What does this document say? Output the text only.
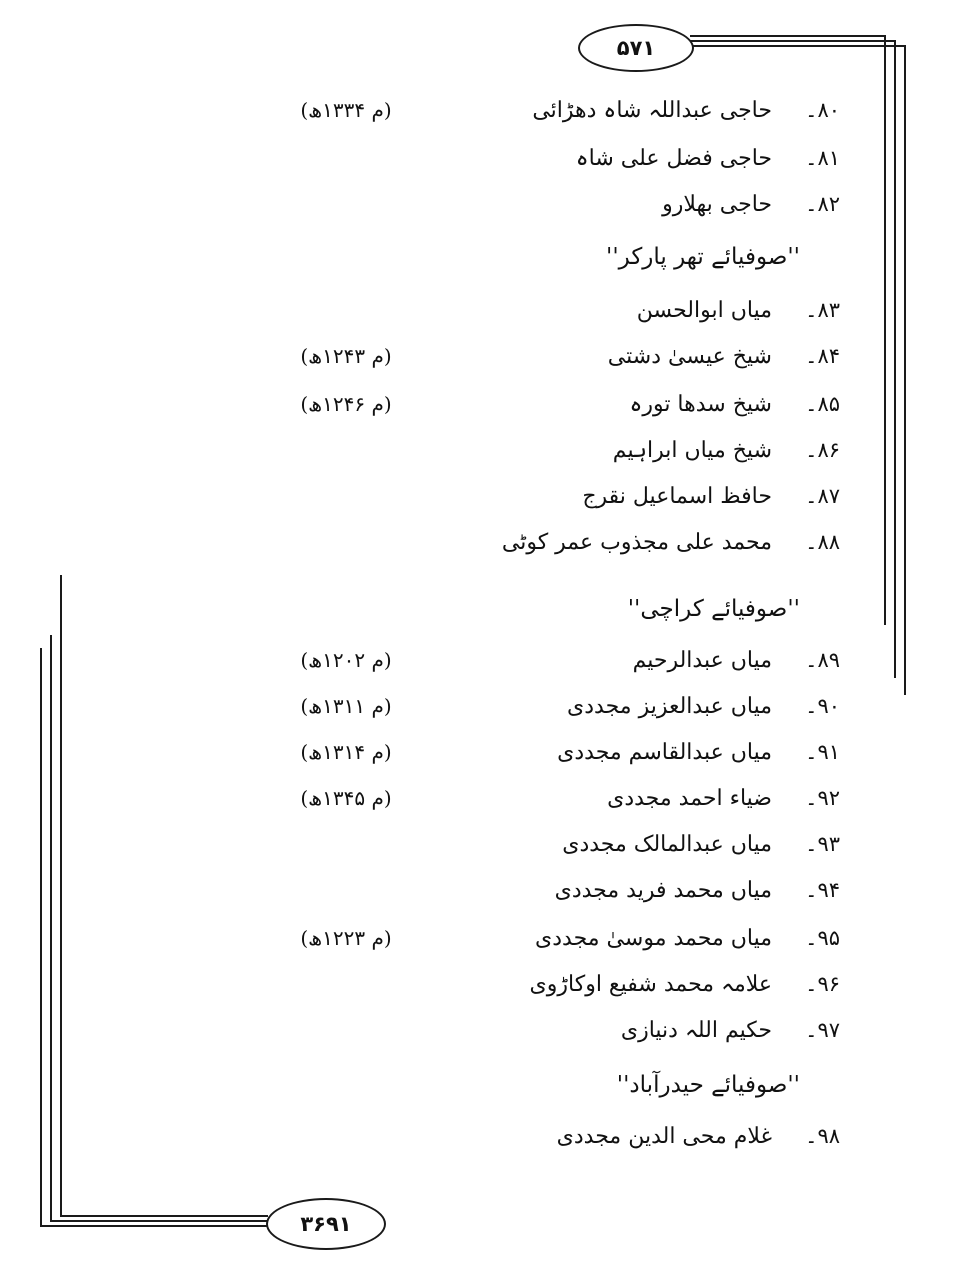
۵۷۱
۳۶۹۱
۸۰۔
حاجی عبداللہ شاہ دھڑائی
(م ۱۳۳۴ھ)
۸۱۔
حاجی فضل علی شاہ
۸۲۔
حاجی بھلارو
''صوفیائے تھر پارکر''
۸۳۔
میاں ابوالحسن
۸۴۔
شیخ عیسیٰ دشتی
(م ۱۲۴۳ھ)
۸۵۔
شیخ سدھا تورہ
(م ۱۲۴۶ھ)
۸۶۔
شیخ میاں ابراہیم
۸۷۔
حافظ اسماعیل نقرج
۸۸۔
محمد علی مجذوب عمر کوٹی
''صوفیائے کراچی''
۸۹۔
میاں عبدالرحیم
(م ۱۲۰۲ھ)
۹۰۔
میاں عبدالعزیز مجددی
(م ۱۳۱۱ھ)
۹۱۔
میاں عبدالقاسم مجددی
(م ۱۳۱۴ھ)
۹۲۔
ضیاء احمد مجددی
(م ۱۳۴۵ھ)
۹۳۔
میاں عبدالمالک مجددی
۹۴۔
میاں محمد فرید مجددی
۹۵۔
میاں محمد موسیٰ مجددی
(م ۱۲۲۳ھ)
۹۶۔
علامہ محمد شفیع اوکاڑوی
۹۷۔
حکیم اللہ دنیازی
''صوفیائے حیدرآباد''
۹۸۔
غلام محی الدین مجددی
